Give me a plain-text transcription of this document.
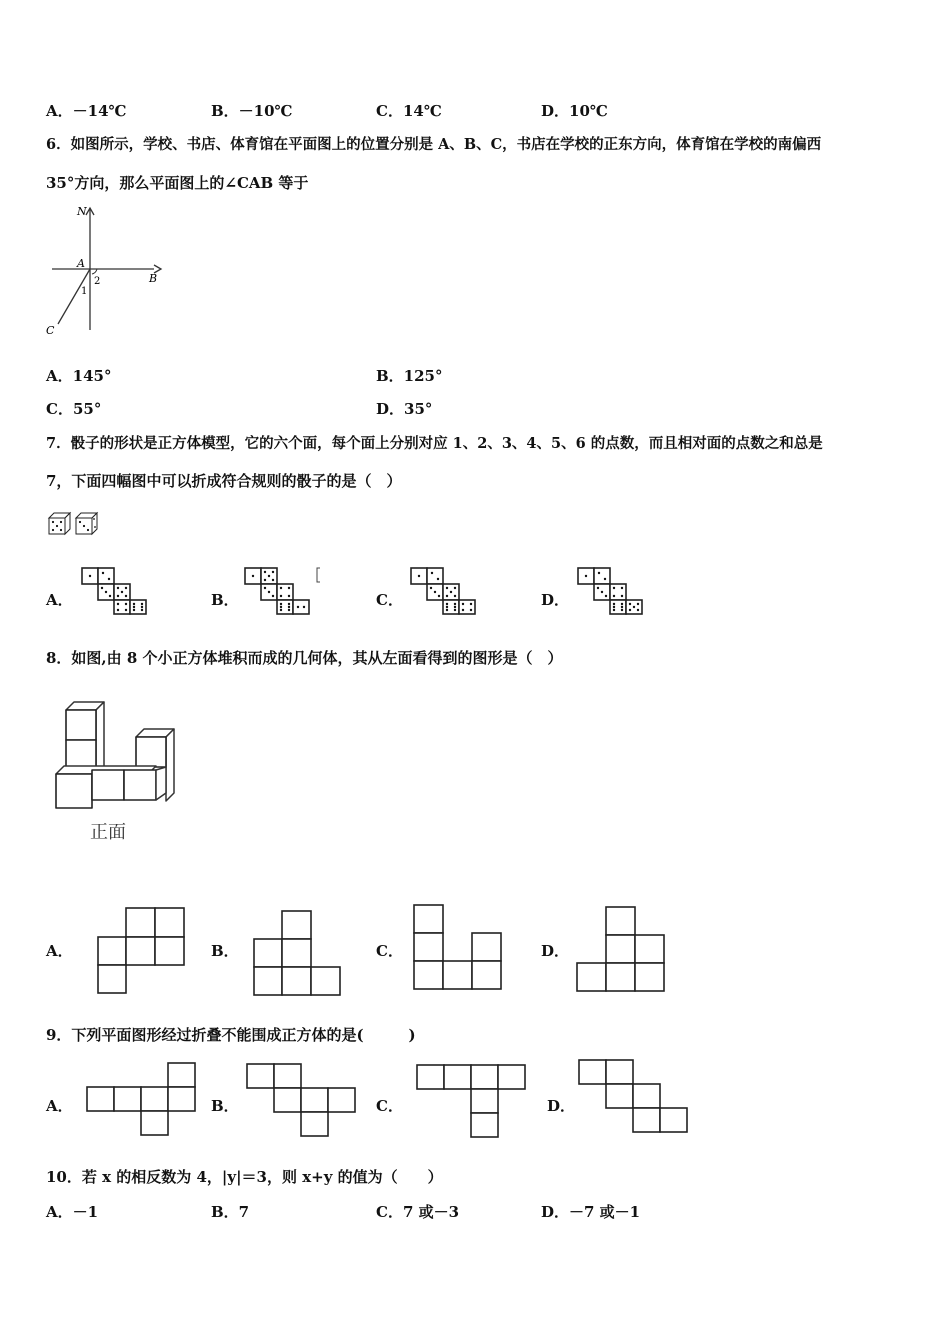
A．－14℃	B．－10℃	C．14℃	D．10℃
6．如图所示，学校、书店、体育馆在平面图上的位置分别是 A、B、C，书店在学校的正东方向，体育馆在学校的南偏西
35°方向，那么平面图上的∠CAB 等于
N
A
B
C
1
2
A．145°	B．125°
C．55°	D．35°
7．骰子的形状是正方体模型，它的六个面，每个面上分别对应 1、2、3、4、5、6 的点数，而且相对面的点数之和总是
7，下面四幅图中可以折成符合规则的骰子的是（　）
A．	B．	C．	D．
8．如图,由 8 个小正方体堆积而成的几何体，其从左面看得到的图形是（　）
正面
A．	B．	C．	D．
9．下列平面图形经过折叠不能围成正方体的是(　　　)
A．	B．	C．	D．
10．若 x 的相反数为 4，|y|＝3，则 x+y 的值为（　　）
A．－1	B．7	C．7 或－3	D．－7 或－1
